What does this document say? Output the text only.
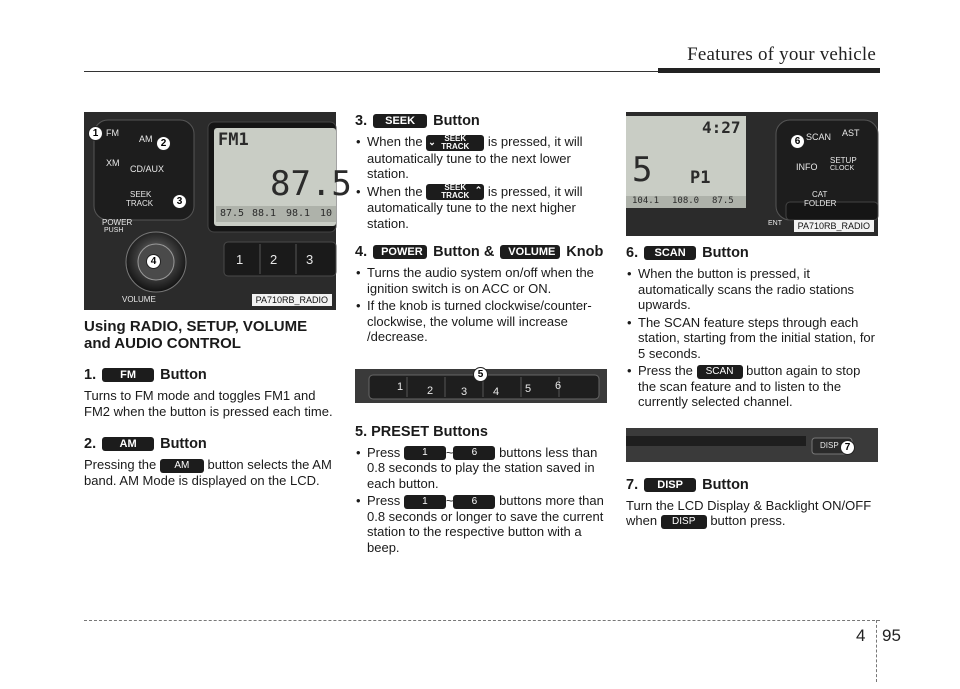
Features of your vehicle
FM
AM
XM
CD/AUX
SEEK
TRACK
POWER
PUSH
VOLUME
FM1
87.5
87.5 88.1 98.1 10
1 2 3
1
2
3
4
PA710RB_RADIO
Using RADIO, SETUP, VOLUME
and AUDIO CONTROL
1.	FM	Button

Turns to FM mode and toggles FM1 and FM2 when the button is pressed each time.

2.	AM	Button

Pressing the AM button selects the AM band. AM Mode is displayed on the LCD.

3.	SEEK	Button
• When the ⌄	SEEK
TRACK	is pressed, it will automatically tune to the next lower station.
• When the	⌃
SEEK
TRACK	is pressed, it will automatically tune to the next higher station.
4.	POWER Button &	VOLUME Knob
• Turns the audio system on/off when the ignition switch is on ACC or ON.
• If the knob is turned clockwise/counter-clockwise, the volume will increase /decrease.
1 2	3 4 5 6
5
5. PRESET Buttons
• Press 1 ~ 6 buttons less than 0.8 seconds to play the station saved in each button.
• Press 1 ~ 6 buttons more than 0.8 seconds or longer to save the current station to the respective button with a beep.
4:27
5 P1
104.1 108.0 87.5
SCAN AST
INFO
SETUP
CLOCK
CAT
FOLDER
ENT
6
PA710RB_RADIO
6.	SCAN	Button
• When the button is pressed, it automatically scans the radio stations upwards.
• The SCAN feature steps through each station, starting from the initial station, for 5 seconds.
• Press the SCAN button again to stop the scan feature and to listen to the currently selected channel.
DISP 7
7.	DISP	Button

Turn the LCD Display & Backlight ON/OFF when DISP button press.

4 95
